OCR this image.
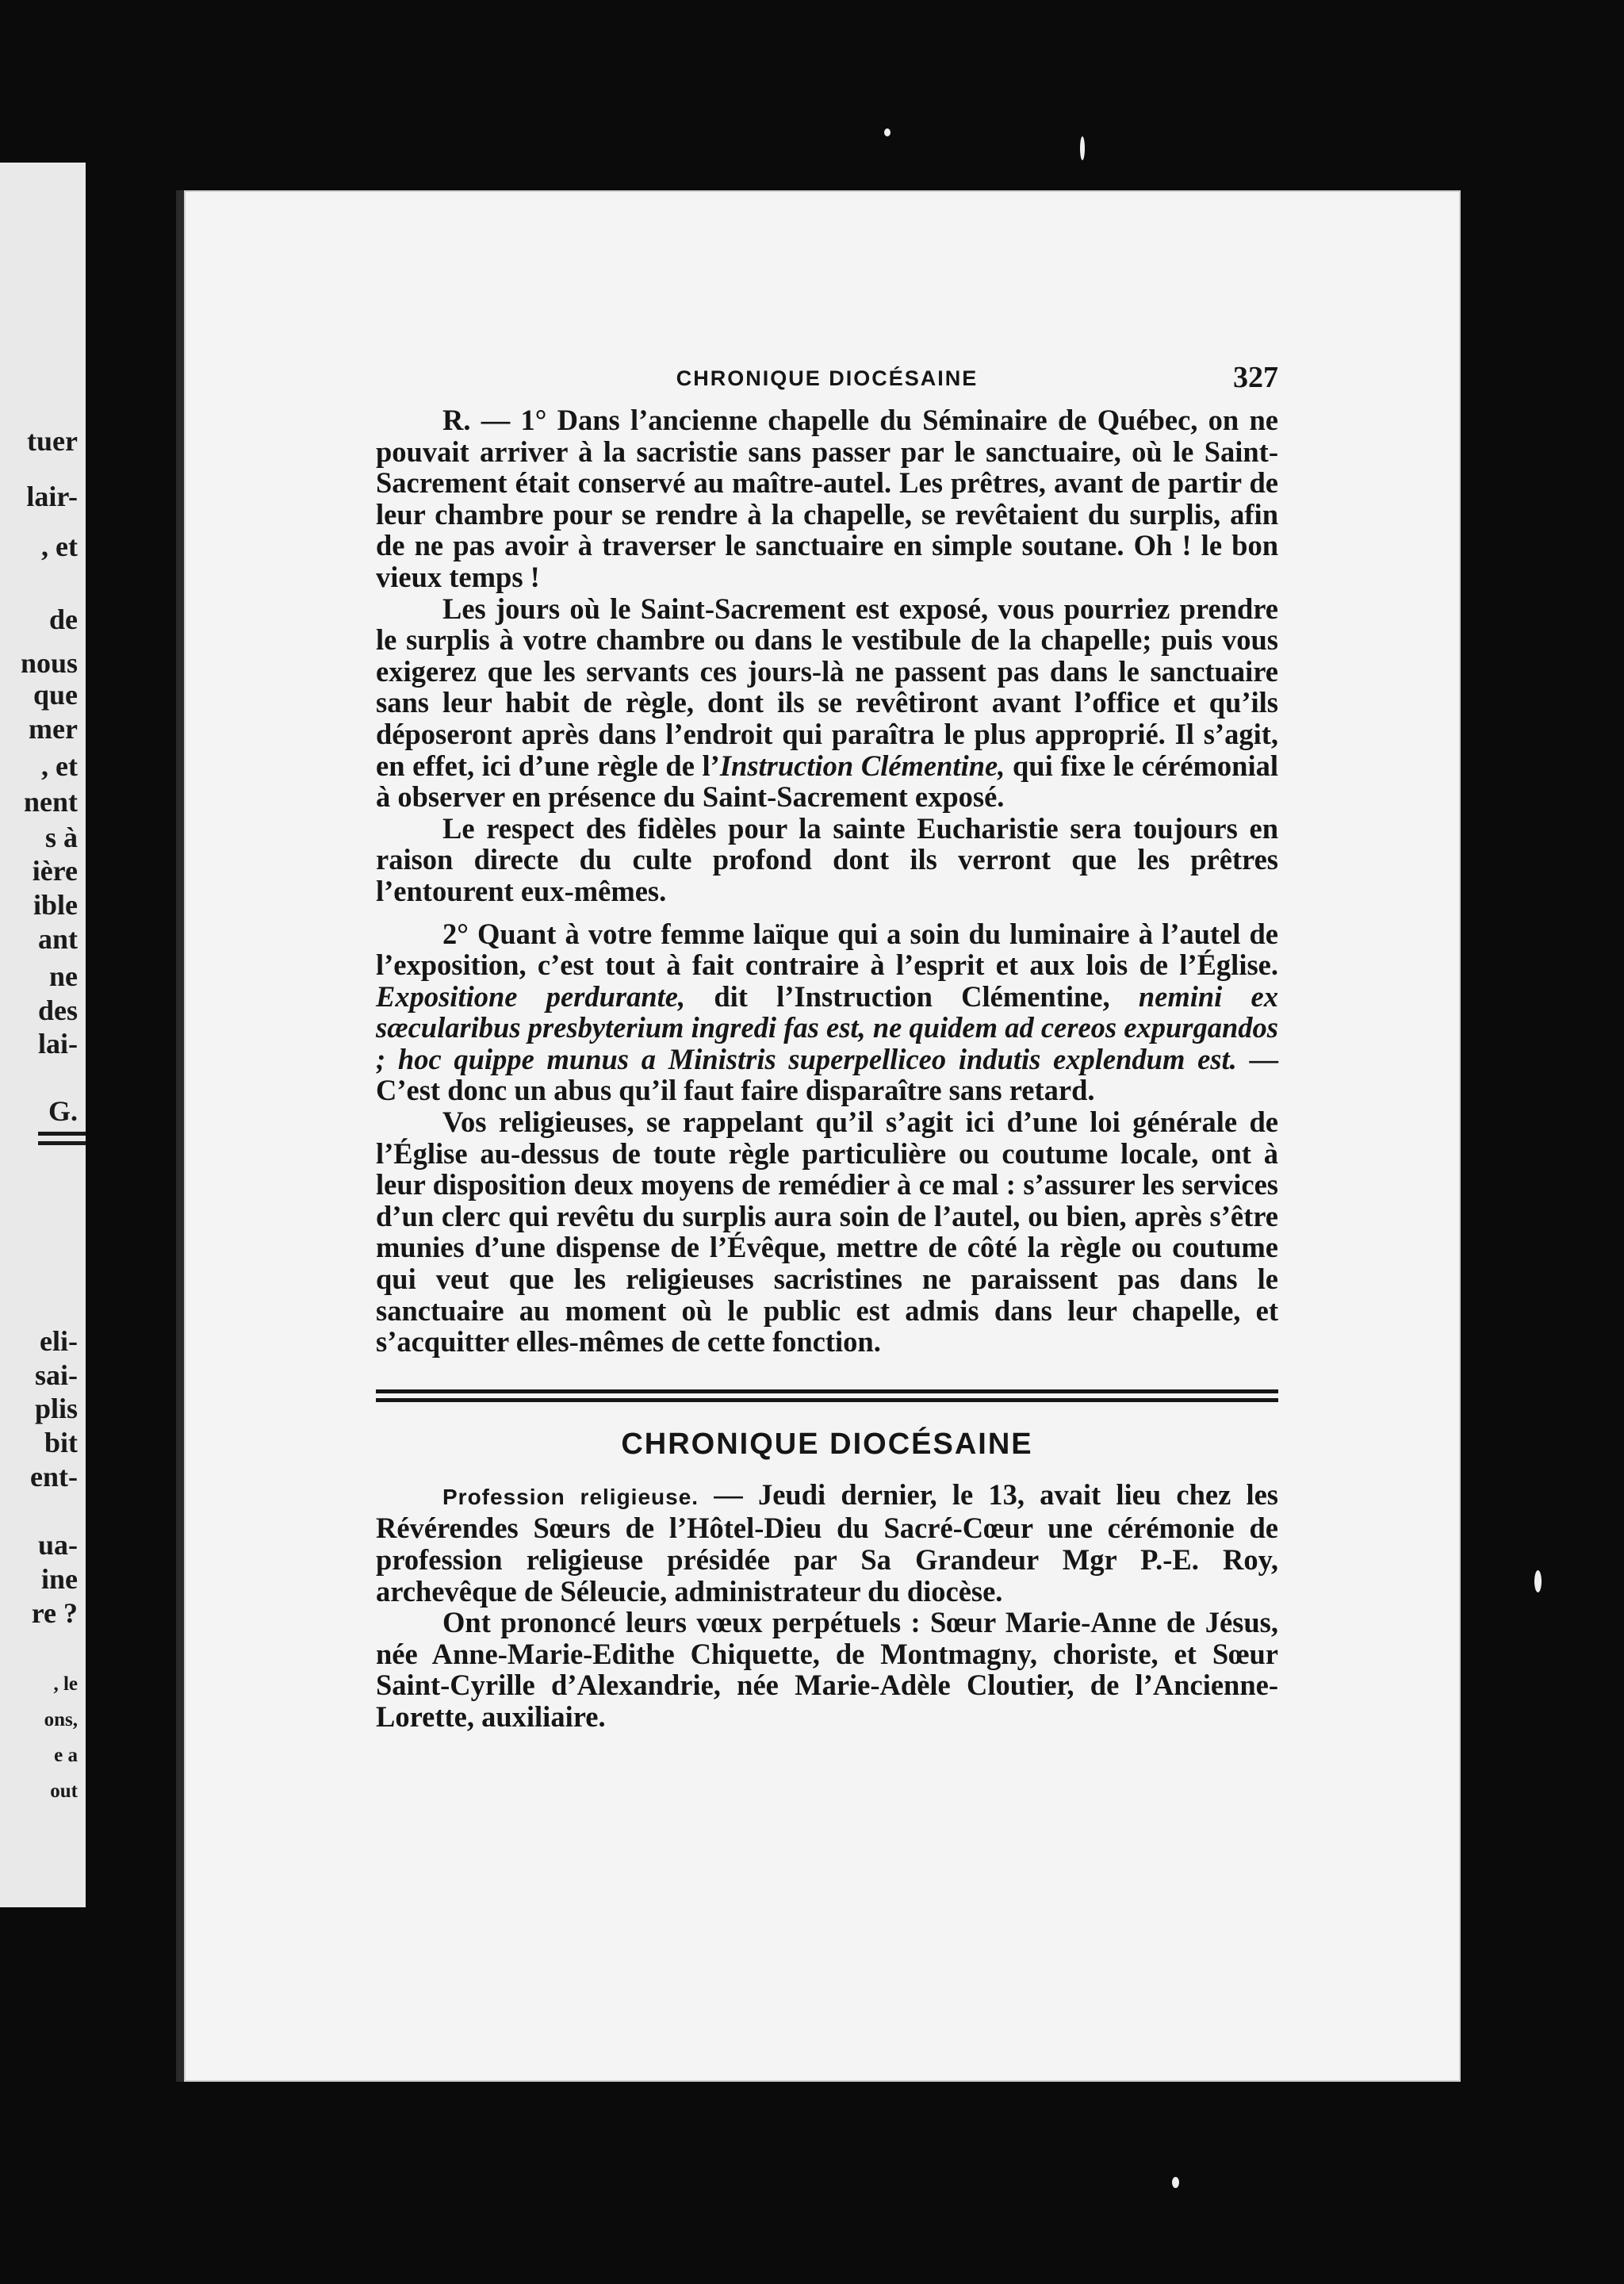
tuer
lair-
, et
de
nous
que
mer
, et
nent
s à
ière
ible
ant
ne
des
lai-
G.
eli-
sai-
plis
bit
ent-
ua-
ine
re ?
, le
ons,
e a
out
CHRONIQUE DIOCÉSAINE	327

R. — 1° Dans l’ancienne chapelle du Séminaire de Québec, on ne pouvait arriver à la sacristie sans passer par le sanctuaire, où le Saint-Sacrement était conservé au maître-autel. Les prêtres, avant de partir de leur chambre pour se rendre à la chapelle, se revêtaient du surplis, afin de ne pas avoir à traverser le sanctuaire en simple soutane. Oh ! le bon vieux temps !

Les jours où le Saint-Sacrement est exposé, vous pourriez prendre le surplis à votre chambre ou dans le vestibule de la chapelle; puis vous exigerez que les servants ces jours-là ne passent pas dans le sanctuaire sans leur habit de règle, dont ils se revêtiront avant l’office et qu’ils déposeront après dans l’endroit qui paraîtra le plus approprié. Il s’agit, en effet, ici d’une règle de l’Instruction Clémentine, qui fixe le cérémonial à observer en présence du Saint-Sacrement exposé.

Le respect des fidèles pour la sainte Eucharistie sera toujours en raison directe du culte profond dont ils verront que les prêtres l’entourent eux-mêmes.

2° Quant à votre femme laïque qui a soin du luminaire à l’autel de l’exposition, c’est tout à fait contraire à l’esprit et aux lois de l’Église. Expositione perdurante, dit l’Instruction Clémentine, nemini ex sæcularibus presbyterium ingredi fas est, ne quidem ad cereos expurgandos ; hoc quippe munus a Ministris superpelliceo indutis explendum est. — C’est donc un abus qu’il faut faire disparaître sans retard.

Vos religieuses, se rappelant qu’il s’agit ici d’une loi générale de l’Église au-dessus de toute règle particulière ou coutume locale, ont à leur disposition deux moyens de remédier à ce mal : s’assurer les services d’un clerc qui revêtu du surplis aura soin de l’autel, ou bien, après s’être munies d’une dispense de l’Évêque, mettre de côté la règle ou coutume qui veut que les religieuses sacristines ne paraissent pas dans le sanctuaire au moment où le public est admis dans leur chapelle, et s’acquitter elles-mêmes de cette fonction.

CHRONIQUE DIOCÉSAINE

Profession religieuse. — Jeudi dernier, le 13, avait lieu chez les Révérendes Sœurs de l’Hôtel-Dieu du Sacré-Cœur une cérémonie de profession religieuse présidée par Sa Grandeur Mgr P.-E. Roy, archevêque de Séleucie, administrateur du diocèse.

Ont prononcé leurs vœux perpétuels : Sœur Marie-Anne de Jésus, née Anne-Marie-Edithe Chiquette, de Montmagny, choriste, et Sœur Saint-Cyrille d’Alexandrie, née Marie-Adèle Cloutier, de l’Ancienne-Lorette, auxiliaire.
